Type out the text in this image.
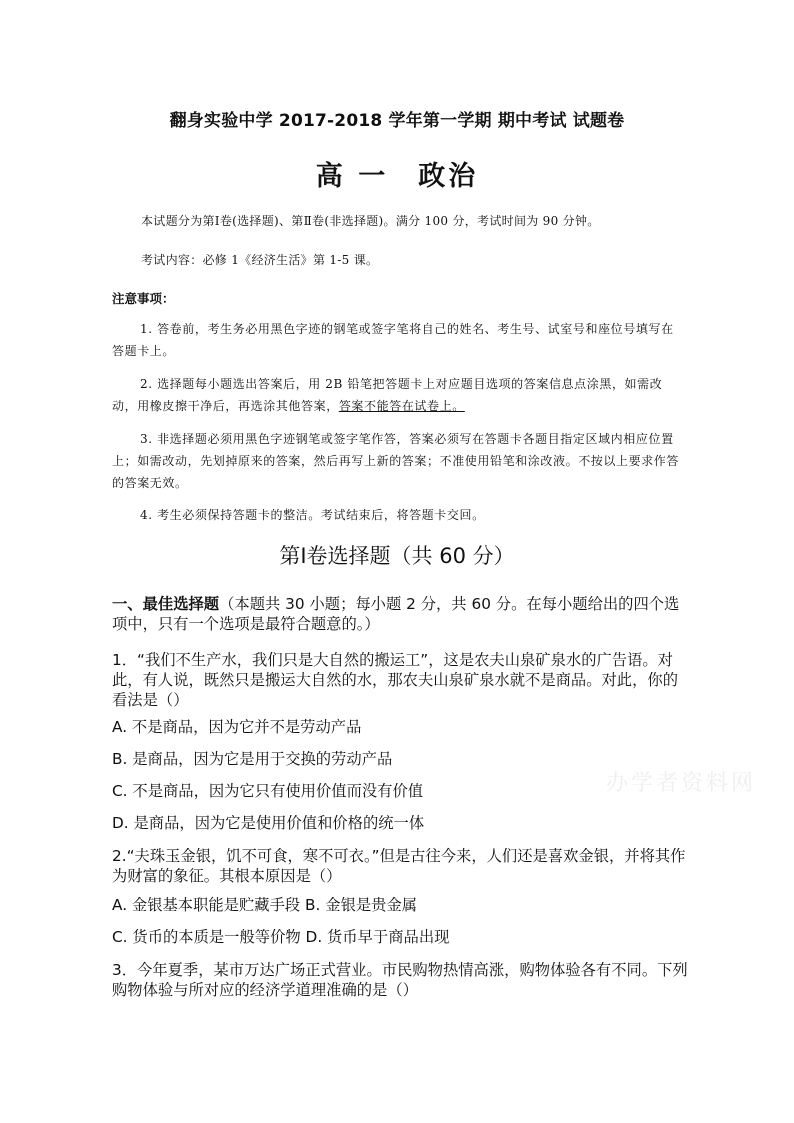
翻身实验中学 2017-2018 学年第一学期 期中考试 试题卷
高 一　政治
本试题分为第Ⅰ卷(选择题)、第Ⅱ卷(非选择题)。满分 100 分，考试时间为 90 分钟。
考试内容：必修 1《经济生活》第 1-5 课。
注意事项：
1. 答卷前，考生务必用黑色字迹的钢笔或签字笔将自己的姓名、考生号、试室号和座位号填写在答题卡上。
2. 选择题每小题选出答案后，用 2B 铅笔把答题卡上对应题目选项的答案信息点涂黑，如需改动，用橡皮擦干净后，再选涂其他答案，答案不能答在试卷上。
3. 非选择题必须用黑色字迹钢笔或签字笔作答，答案必须写在答题卡各题目指定区域内相应位置上；如需改动，先划掉原来的答案，然后再写上新的答案；不准使用铅笔和涂改液。不按以上要求作答的答案无效。
4. 考生必须保持答题卡的整洁。考试结束后，将答题卡交回。
第Ⅰ卷选择题（共 60 分）
一、最佳选择题（本题共 30 小题；每小题 2 分，共 60 分。在每小题给出的四个选项中，只有一个选项是最符合题意的。）
1．“我们不生产水，我们只是大自然的搬运工”，这是农夫山泉矿泉水的广告语。对此，有人说，既然只是搬运大自然的水，那农夫山泉矿泉水就不是商品。对此，你的看法是（）
A. 不是商品，因为它并不是劳动产品
B. 是商品，因为它是用于交换的劳动产品
C. 不是商品，因为它只有使用价值而没有价值
D. 是商品，因为它是使用价值和价格的统一体
2.“夫珠玉金银，饥不可食，寒不可衣。”但是古往今来，人们还是喜欢金银，并将其作为财富的象征。其根本原因是（）
A. 金银基本职能是贮藏手段 B. 金银是贵金属
C. 货币的本质是一般等价物 D. 货币早于商品出现
3．今年夏季，某市万达广场正式营业。市民购物热情高涨，购物体验各有不同。下列购物体验与所对应的经济学道理准确的是（）
办学者资料网
